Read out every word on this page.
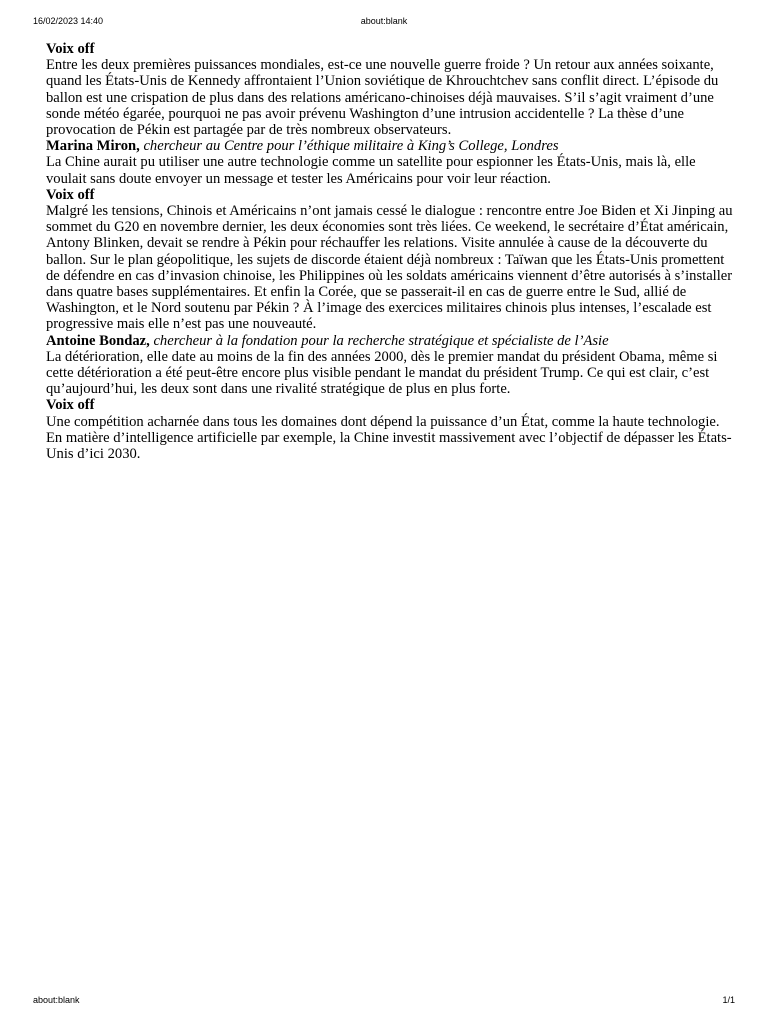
16/02/2023 14:40	about:blank

Voix off

Entre les deux premières puissances mondiales, est-ce une nouvelle guerre froide ? Un retour aux années soixante, quand les États-Unis de Kennedy affrontaient l’Union soviétique de Khrouchtchev sans conflit direct. L’épisode du ballon est une crispation de plus dans des relations américano-chinoises déjà mauvaises. S’il s’agit vraiment d’une sonde météo égarée, pourquoi ne pas avoir prévenu Washington d’une intrusion accidentelle ? La thèse d’une provocation de Pékin est partagée par de très nombreux observateurs.

Marina Miron, chercheur au Centre pour l’éthique militaire à King’s College, Londres

La Chine aurait pu utiliser une autre technologie comme un satellite pour espionner les États-Unis, mais là, elle voulait sans doute envoyer un message et tester les Américains pour voir leur réaction.

Voix off

Malgré les tensions, Chinois et Américains n’ont jamais cessé le dialogue : rencontre entre Joe Biden et Xi Jinping au sommet du G20 en novembre dernier, les deux économies sont très liées. Ce weekend, le secrétaire d’État américain, Antony Blinken, devait se rendre à Pékin pour réchauffer les relations. Visite annulée à cause de la découverte du ballon. Sur le plan géopolitique, les sujets de discorde étaient déjà nombreux : Taïwan que les États-Unis promettent de défendre en cas d’invasion chinoise, les Philippines où les soldats américains viennent d’être autorisés à s’installer dans quatre bases supplémentaires. Et enfin la Corée, que se passerait-il en cas de guerre entre le Sud, allié de Washington, et le Nord soutenu par Pékin ? À l’image des exercices militaires chinois plus intenses, l’escalade est progressive mais elle n’est pas une nouveauté.

Antoine Bondaz, chercheur à la fondation pour la recherche stratégique et spécialiste de l’Asie

La détérioration, elle date au moins de la fin des années 2000, dès le premier mandat du président Obama, même si cette détérioration a été peut-être encore plus visible pendant le mandat du président Trump. Ce qui est clair, c’est qu’aujourd’hui, les deux sont dans une rivalité stratégique de plus en plus forte.

Voix off

Une compétition acharnée dans tous les domaines dont dépend la puissance d’un État, comme la haute technologie. En matière d’intelligence artificielle par exemple, la Chine investit massivement avec l’objectif de dépasser les États-Unis d’ici 2030.

about:blank	1/1
